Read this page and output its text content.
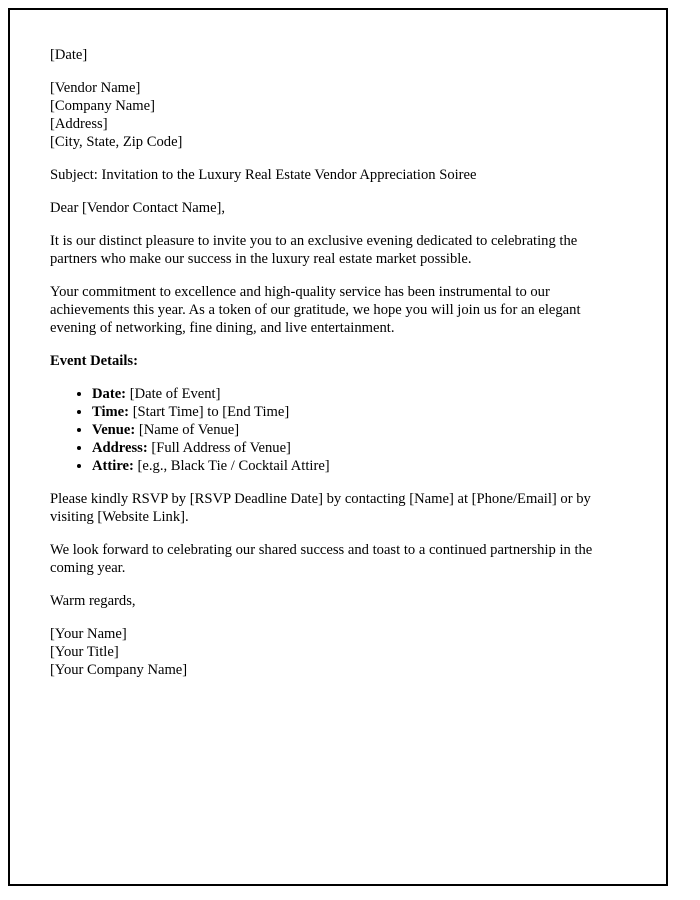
[Date]

[Vendor Name]
[Company Name]
[Address]
[City, State, Zip Code]

Subject: Invitation to the Luxury Real Estate Vendor Appreciation Soiree

Dear [Vendor Contact Name],

It is our distinct pleasure to invite you to an exclusive evening dedicated to celebrating the partners who make our success in the luxury real estate market possible.

Your commitment to excellence and high-quality service has been instrumental to our achievements this year. As a token of our gratitude, we hope you will join us for an elegant evening of networking, fine dining, and live entertainment.

Event Details:

• Date: [Date of Event]
• Time: [Start Time] to [End Time]
• Venue: [Name of Venue]
• Address: [Full Address of Venue]
• Attire: [e.g., Black Tie / Cocktail Attire]

Please kindly RSVP by [RSVP Deadline Date] by contacting [Name] at [Phone/Email] or by visiting [Website Link].

We look forward to celebrating our shared success and toast to a continued partnership in the coming year.

Warm regards,

[Your Name]
[Your Title]
[Your Company Name]
